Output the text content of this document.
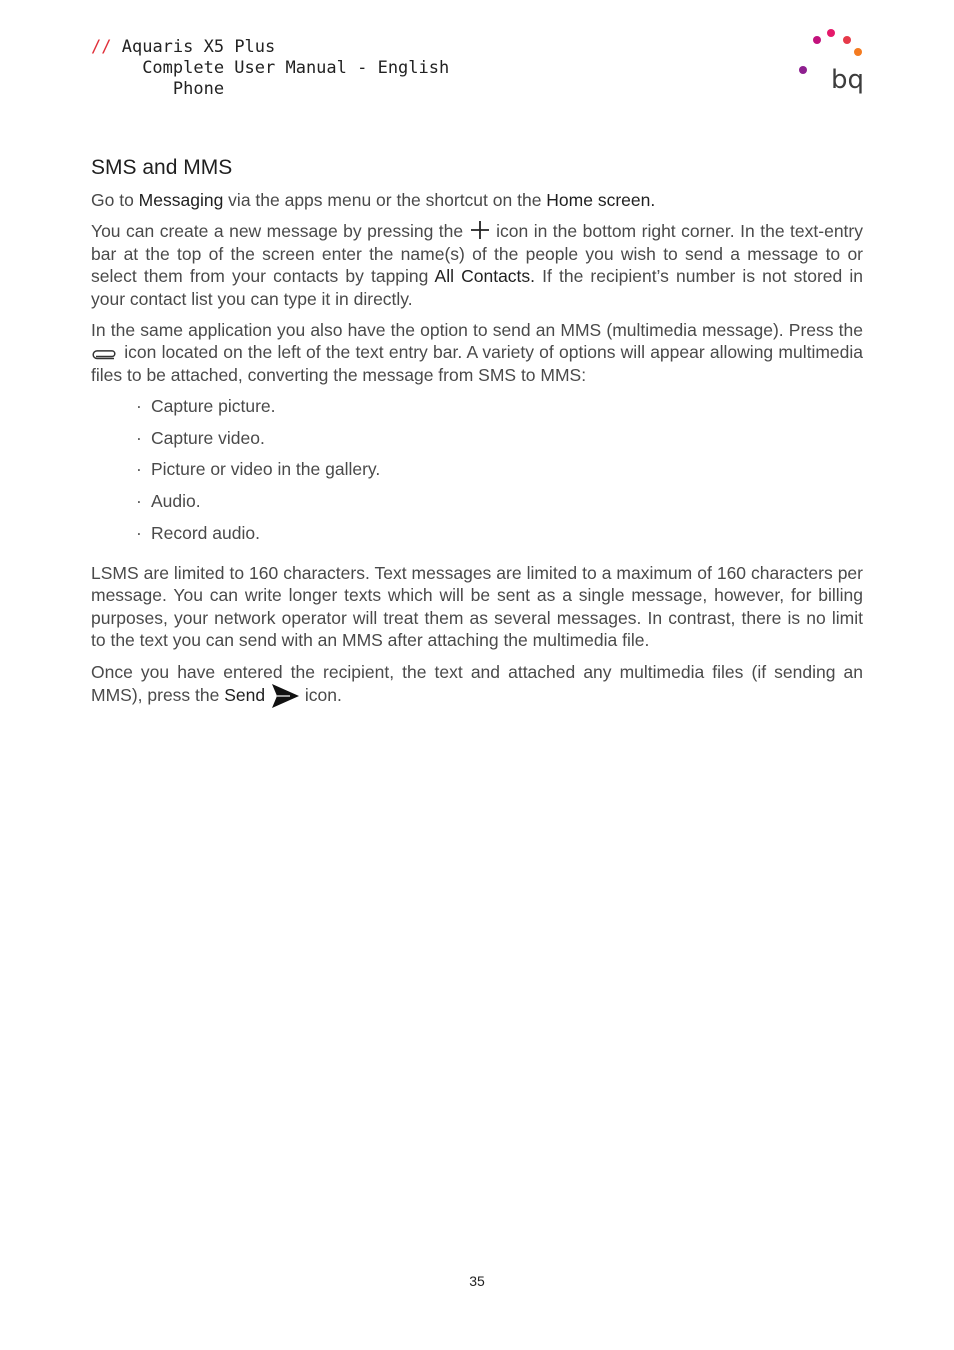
// Aquaris X5 Plus
Complete User Manual - English
Phone	bq
SMS and MMS

Go to Messaging via the apps menu or the shortcut on the Home screen.

You can create a new message by pressing the  icon in the bottom right corner. In the text-entry bar at the top of the screen enter the name(s) of the people you wish to send a message to or select them from your contacts by tapping All Contacts. If the recipient’s number is not stored in your contact list you can type it in directly.

In the same application you also have the option to send an MMS (multimedia message). Press the  icon located on the left of the text entry bar. A variety of options will appear allowing multimedia files to be attached, converting the message from SMS to MMS:

· Capture picture.
· Capture video.
· Picture or video in the gallery.
· Audio.
· Record audio.

LSMS are limited to 160 characters. Text messages are limited to a maximum of 160 characters per message. You can write longer texts which will be sent as a single message, however, for billing purposes, your network operator will treat them as several messages. In contrast, there is no limit to the text you can send with an MMS after attaching the multimedia file.

Once you have entered the recipient, the text and attached any multimedia files (if sending an MMS), press the Send  icon.

35
